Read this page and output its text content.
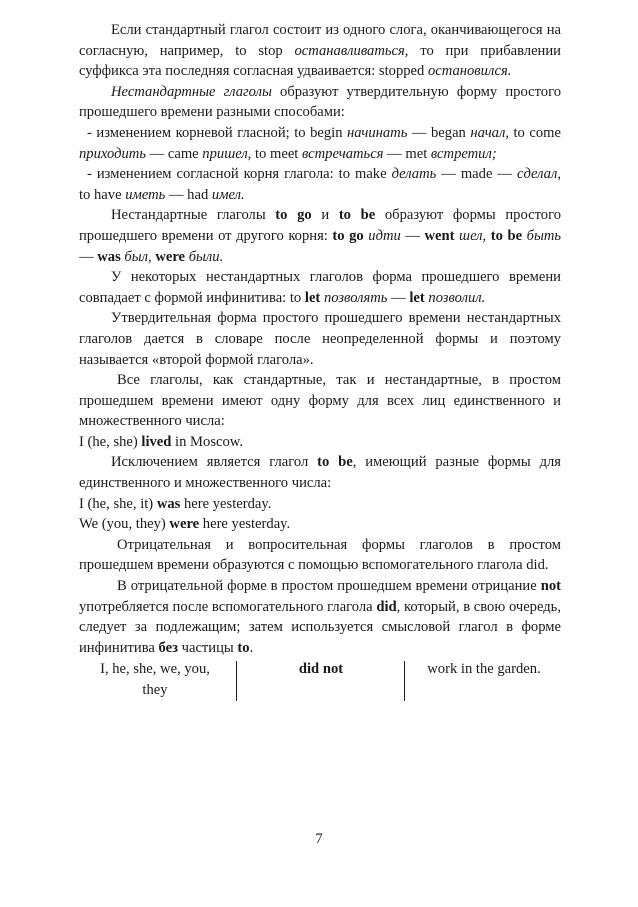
Если стандартный глагол состоит из одного слога, оканчивающегося на согласную, например, to stop останавливаться, то при прибавлении суффикса эта последняя согласная удваивается: stopped остановился.

Нестандартные глаголы образуют утвердительную форму простого прошедшего времени разными способами:

- изменением корневой гласной; to begin начинать — began начал, to come приходить — came пришел, to meet встречаться — met встретил;

- изменением согласной корня глагола: to make делать — made — сделал, to have иметь — had имел.

Нестандартные глаголы to go и to be образуют формы простого прошедшего времени от другого корня: to go идти — went шел, to be быть — was был, were были.

У некоторых нестандартных глаголов форма прошедшего времени совпадает с формой инфинитива: to let позволять — let позволил.

Утвердительная форма простого прошедшего времени нестандартных глаголов дается в словаре после неопределенной формы и поэтому называется «второй формой глагола».

Все глаголы, как стандартные, так и нестандартные, в простом прошедшем времени имеют одну форму для всех лиц единственного и множественного числа:

I (he, she) lived in Moscow.

Исключением является глагол to be, имеющий разные формы для единственного и множественного числа:

I (he, she, it) was here yesterday.

We (you, they) were here yesterday.

Отрицательная и вопросительная формы глаголов в простом прошедшем времени образуются с помощью вспомогательного глагола did.

В отрицательной форме в простом прошедшем времени отрицание not употребляется после вспомогательного глагола did, который, в свою очередь, следует за подлежащим; затем используется смысловой глагол в форме инфинитива без частицы to.

I, he, she, we, you,
they
did not	work in the garden.
7
